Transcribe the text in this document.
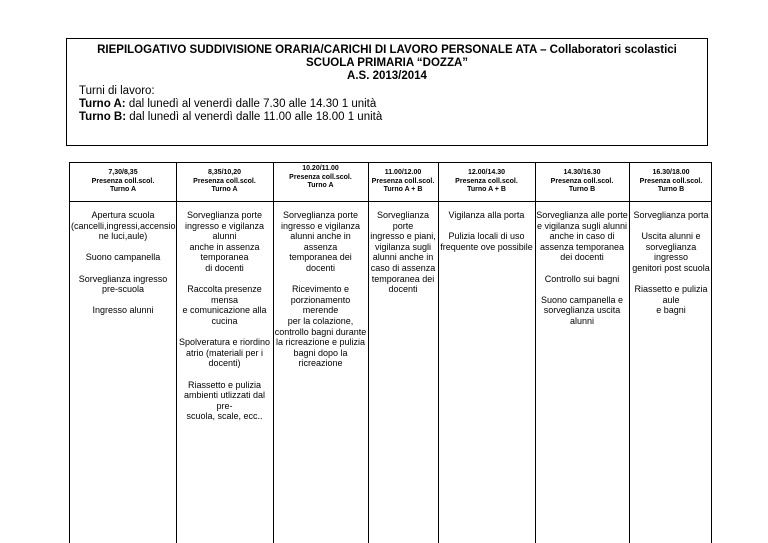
RIEPILOGATIVO SUDDIVISIONE ORARIA/CARICHI DI LAVORO PERSONALE ATA – Collaboratori scolastici
SCUOLA PRIMARIA “DOZZA”
A.S. 2013/2014
Turni di lavoro:
Turno A: dal lunedì al venerdì dalle 7.30 alle 14.30 1 unità
Turno B: dal lunedì al venerdì dalle 11.00 alle 18.00 1 unità
7,30/8,35
Presenza coll.scol.
Turno A

Apertura scuola
(cancelli,ingressi,accensio
ne luci,aule)

Suono campanella

Sorveglianza ingresso
pre-scuola

Ingresso alunni

8,35/10,20
Presenza coll.scol.
Turno A

Sorveglianza porte
ingresso e vigilanza alunni
anche in assenza
temporanea
di docenti

Raccolta presenze mensa
e comunicazione alla
cucina

Spolveratura e riordino
atrio (materiali per i
docenti)

Riassetto e pulizia
ambienti utlizzati dal pre-
scuola, scale, ecc..

10.20/11.00
Presenza coll.scol.
Turno A

Sorveglianza porte
ingresso e vigilanza
alunni anche in assenza
temporanea dei docenti

Ricevimento e
porzionamento merende
per la colazione,
controllo bagni durante
la ricreazione e pulizia
bagni dopo la
ricreazione

11.00/12.00
Presenza coll.scol.
Turno A + B

Sorveglianza porte
ingresso e piani,
vigilanza sugli
alunni anche in
caso di assenza
temporanea dei
docenti

12.00/14.30
Presenza coll.scol.
Turno A + B

Vigilanza alla porta

Pulizia locali di uso
frequente ove possibile

14.30/16.30
Presenza coll.scol.
Turno B

Sorveglianza alle porte
e vigilanza sugli alunni
anche in caso di
assenza temporanea
dei docenti

Controllo sui bagni

Suono campanella e
sorveglianza uscita
alunni

16.30/18.00
Presenza coll.scol.
Turno B

Sorveglianza porta

Uscita alunni e
sorveglianza ingresso
genitori post scuola

Riassetto e pulizia aule
e bagni
